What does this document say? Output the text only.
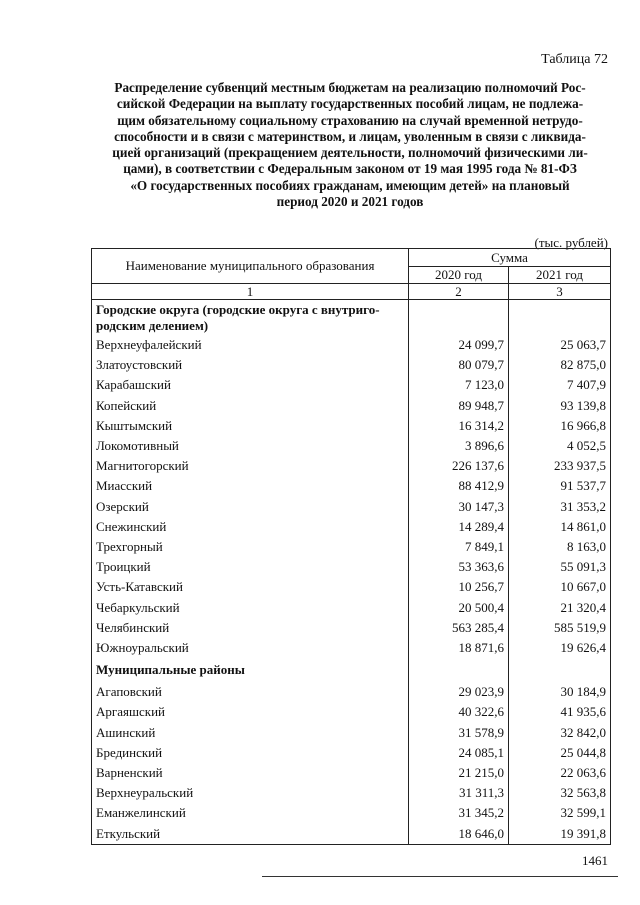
Таблица 72
Распределение субвенций местным бюджетам на реализацию полномочий Рос-
сийской Федерации на выплату государственных пособий лицам, не подлежа-
щим обязательному социальному страхованию на случай временной нетрудо-
способности и в связи с материнством, и лицам, уволенным в связи с ликвида-
цией организаций (прекращением деятельности, полномочий физическими ли-
цами), в соответствии с Федеральным законом от 19 мая 1995 года № 81-ФЗ
«О государственных пособиях гражданам, имеющим детей» на плановый
период 2020 и 2021 годов
(тыс. рублей)
Наименование муниципального образования	Сумма	
	2020 год	2021 год
1	2	3
Городские округа (городские округа с внутриго-родским делением)		
Верхнеуфалейский	24 099,7	25 063,7
Златоустовский	80 079,7	82 875,0
Карабашский	7 123,0	7 407,9
Копейский	89 948,7	93 139,8
Кыштымский	16 314,2	16 966,8
Локомотивный	3 896,6	4 052,5
Магнитогорский	226 137,6	233 937,5
Миасский	88 412,9	91 537,7
Озерский	30 147,3	31 353,2
Снежинский	14 289,4	14 861,0
Трехгорный	7 849,1	8 163,0
Троицкий	53 363,6	55 091,3
Усть-Катавский	10 256,7	10 667,0
Чебаркульский	20 500,4	21 320,4
Челябинский	563 285,4	585 519,9
Южноуральский	18 871,6	19 626,4
Муниципальные районы		
Агаповский	29 023,9	30 184,9
Аргаяшский	40 322,6	41 935,6
Ашинский	31 578,9	32 842,0
Брединский	24 085,1	25 044,8
Варненский	21 215,0	22 063,6
Верхнеуральский	31 311,3	32 563,8
Еманжелинский	31 345,2	32 599,1
Еткульский	18 646,0	19 391,8
1461
